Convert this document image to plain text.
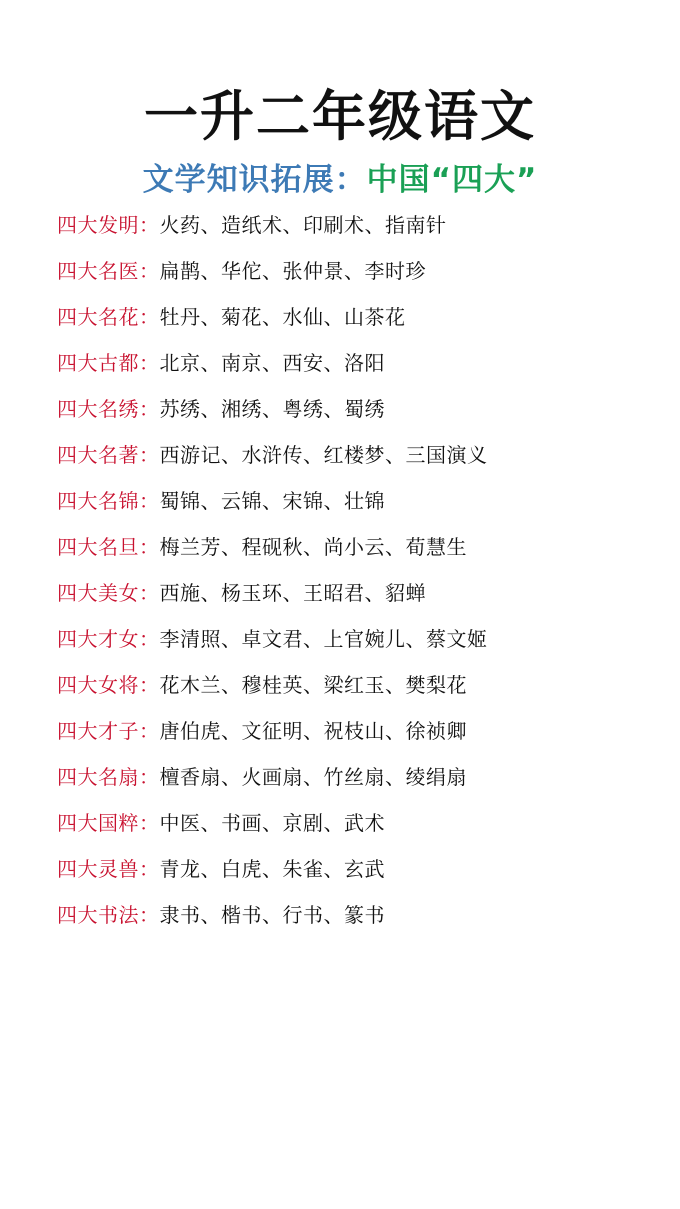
一升二年级语文
文学知识拓展：中国“四大”
四大发明：火药、造纸术、印刷术、指南针
四大名医：扁鹊、华佗、张仲景、李时珍
四大名花：牡丹、菊花、水仙、山茶花
四大古都：北京、南京、西安、洛阳
四大名绣：苏绣、湘绣、粤绣、蜀绣
四大名著：西游记、水浒传、红楼梦、三国演义
四大名锦：蜀锦、云锦、宋锦、壮锦
四大名旦：梅兰芳、程砚秋、尚小云、荀慧生
四大美女：西施、杨玉环、王昭君、貂蝉
四大才女：李清照、卓文君、上官婉儿、蔡文姬
四大女将：花木兰、穆桂英、梁红玉、樊梨花
四大才子：唐伯虎、文征明、祝枝山、徐祯卿
四大名扇：檀香扇、火画扇、竹丝扇、绫绢扇
四大国粹：中医、书画、京剧、武术
四大灵兽：青龙、白虎、朱雀、玄武
四大书法：隶书、楷书、行书、篆书
